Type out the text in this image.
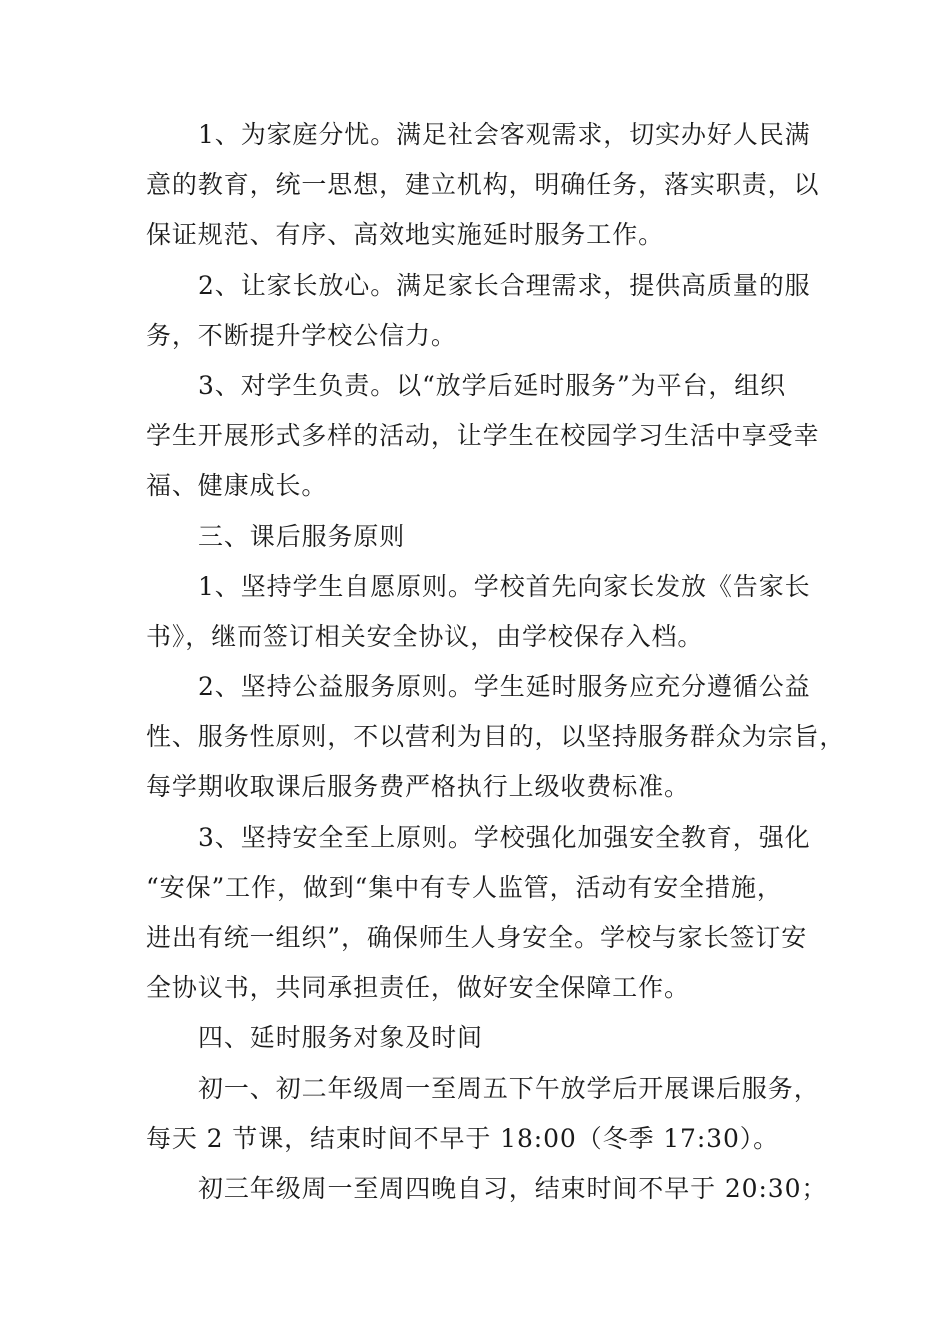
1、为家庭分忧。满足社会客观需求，切实办好人民满
意的教育，统一思想，建立机构，明确任务，落实职责，以
保证规范、有序、高效地实施延时服务工作。
2、让家长放心。满足家长合理需求，提供高质量的服
务，不断提升学校公信力。
3、对学生负责。以“放学后延时服务”为平台，组织
学生开展形式多样的活动，让学生在校园学习生活中享受幸
福、健康成长。
三、课后服务原则
1、坚持学生自愿原则。学校首先向家长发放《告家长
书》，继而签订相关安全协议，由学校保存入档。
2、坚持公益服务原则。学生延时服务应充分遵循公益
性、服务性原则，不以营利为目的，以坚持服务群众为宗旨，
每学期收取课后服务费严格执行上级收费标准。
3、坚持安全至上原则。学校强化加强安全教育，强化
“安保”工作，做到“集中有专人监管，活动有安全措施，
进出有统一组织”，确保师生人身安全。学校与家长签订安
全协议书，共同承担责任，做好安全保障工作。
四、延时服务对象及时间
初一、初二年级周一至周五下午放学后开展课后服务，
每天 2 节课，结束时间不早于 18:00（冬季 17:30）。
初三年级周一至周四晚自习，结束时间不早于 20:30；
